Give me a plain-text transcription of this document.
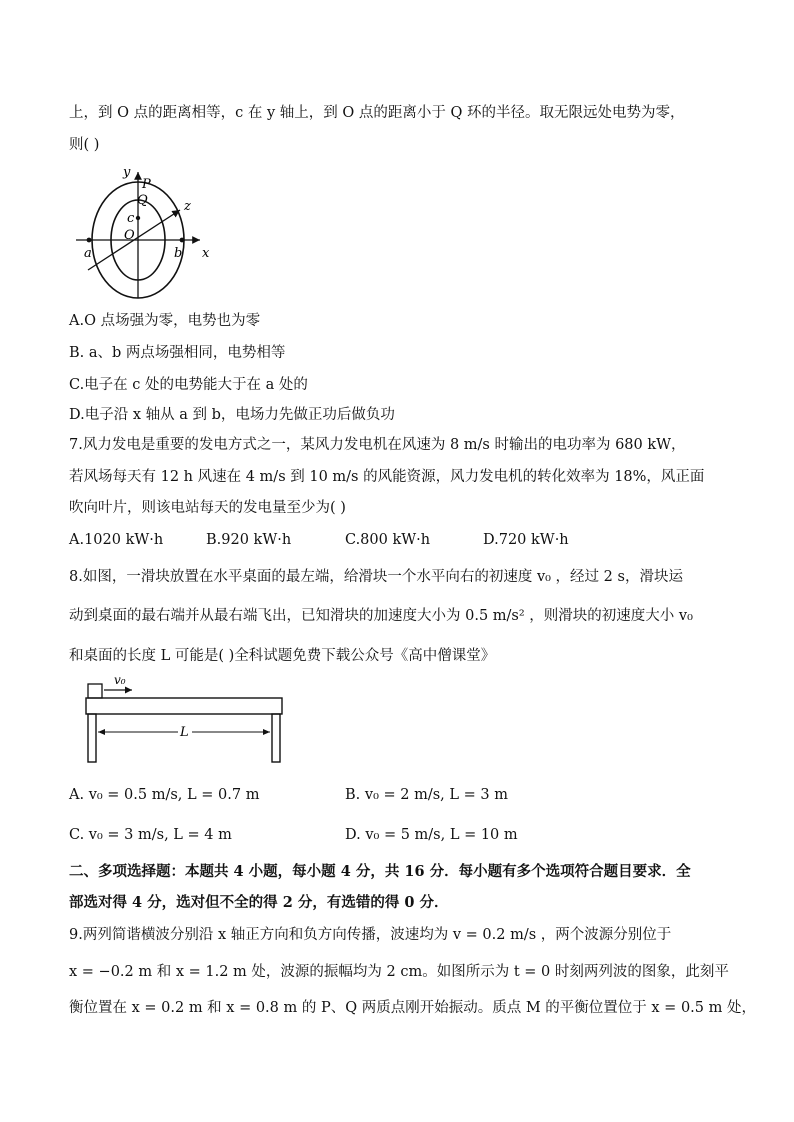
上，到 O 点的距离相等，c 在 y 轴上，到 O 点的距离小于 Q 环的半径。取无限远处电势为零，
则( )
y
P
Q
c
O
z
a	b x
A.O 点场强为零，电势也为零
B. a、b 两点场强相同，电势相等
C.电子在 c 处的电势能大于在 a 处的
D.电子沿 x 轴从 a 到 b，电场力先做正功后做负功
7.风力发电是重要的发电方式之一，某风力发电机在风速为 8 m/s 时输出的电功率为 680 kW，
若风场每天有 12 h 风速在 4 m/s 到 10 m/s 的风能资源，风力发电机的转化效率为 18%，风正面
吹向叶片，则该电站每天的发电量至少为( )
A.1020 kW·h	B.920 kW·h	C.800 kW·h	D.720 kW·h
8.如图，一滑块放置在水平桌面的最左端，给滑块一个水平向右的初速度 v₀ ，经过 2 s，滑块运
动到桌面的最右端并从最右端飞出，已知滑块的加速度大小为 0.5 m/s² ，则滑块的初速度大小 v₀
和桌面的长度 L 可能是( )全科试题免费下载公众号《高中僧课堂》
v₀
L
A. v₀ = 0.5 m/s, L = 0.7 m	B. v₀ = 2 m/s, L = 3 m
C. v₀ = 3 m/s, L = 4 m	D. v₀ = 5 m/s, L = 10 m
二、多项选择题：本题共 4 小题，每小题 4 分，共 16 分．每小题有多个选项符合题目要求．全
部选对得 4 分，选对但不全的得 2 分，有选错的得 0 分．
9.两列简谐横波分别沿 x 轴正方向和负方向传播，波速均为 v = 0.2 m/s ，两个波源分别位于
x = −0.2 m 和 x = 1.2 m 处，波源的振幅均为 2 cm。如图所示为 t = 0 时刻两列波的图象，此刻平
衡位置在 x = 0.2 m 和 x = 0.8 m 的 P、Q 两质点刚开始振动。质点 M 的平衡位置位于 x = 0.5 m 处，
